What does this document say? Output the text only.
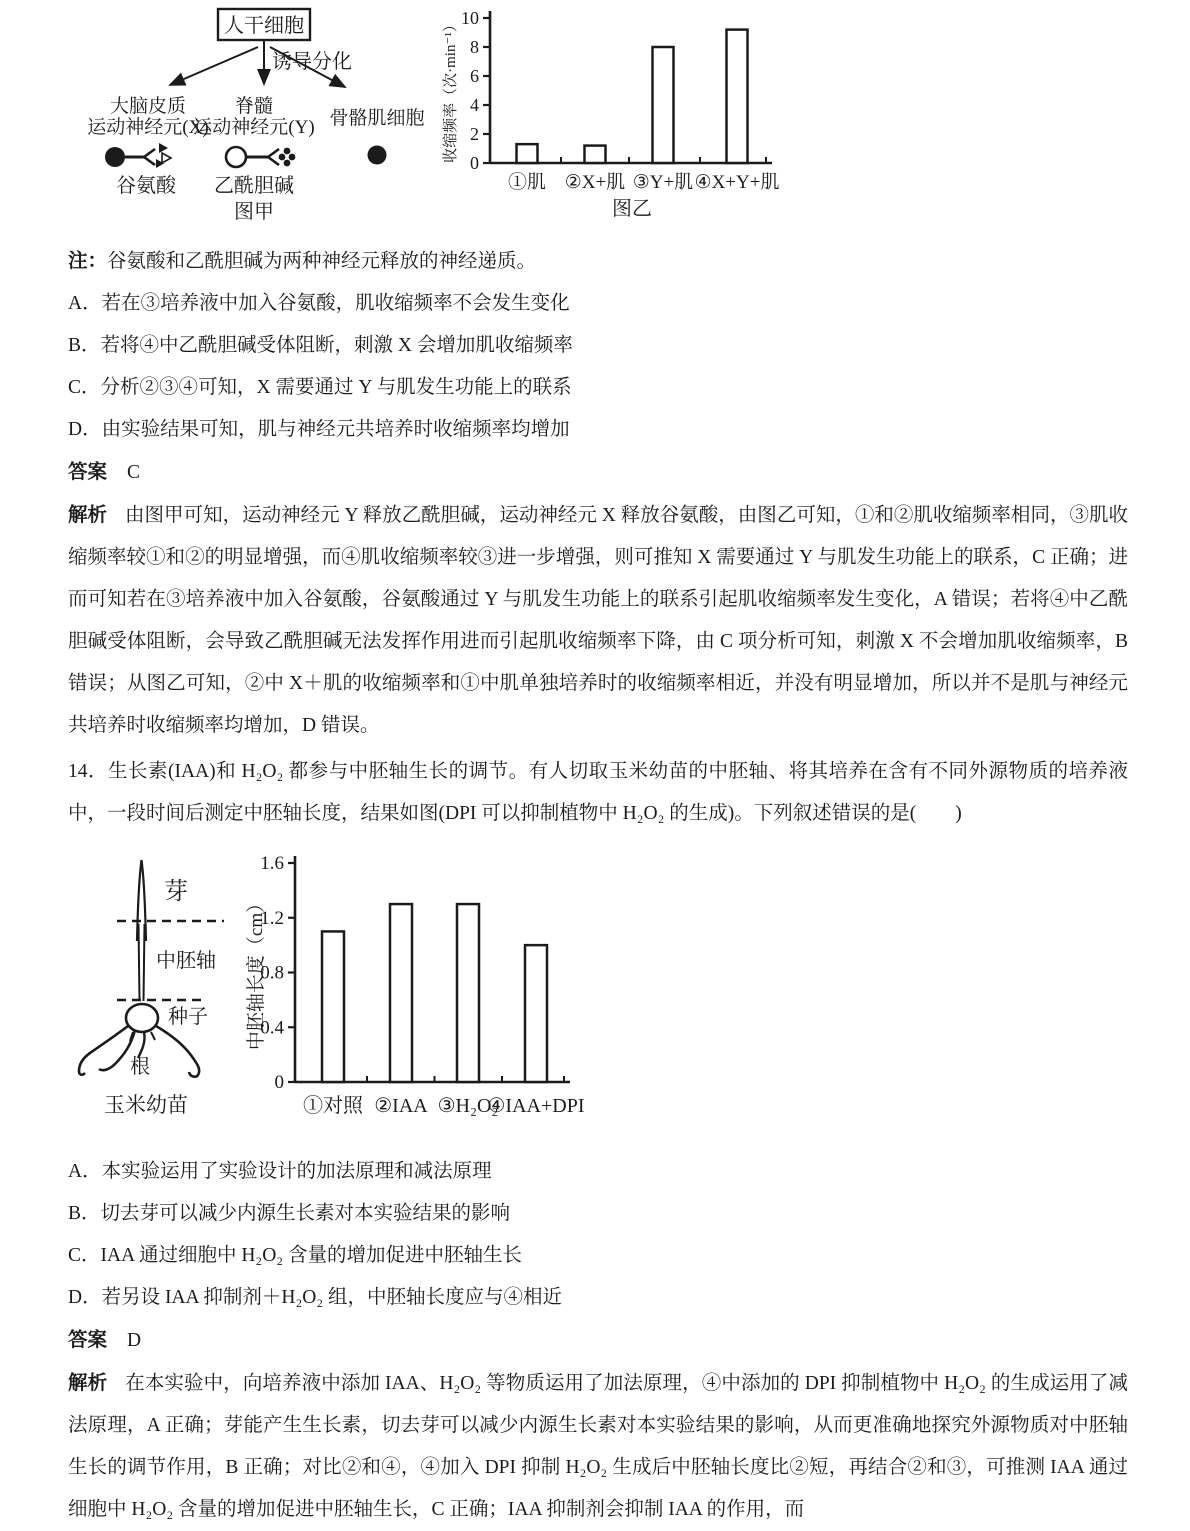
人干细胞
诱导分化
大脑皮质
运动神经元(X)
脊髓
运动神经元(Y) 骨骼肌细胞
谷氨酸 乙酰胆碱
图甲
0
2
4
6
8
10
①肌 ②X+肌 ③Y+肌 ④X+Y+肌
收缩频率（次·min⁻¹）
图乙
注：谷氨酸和乙酰胆碱为两种神经元释放的神经递质。
A．若在③培养液中加入谷氨酸，肌收缩频率不会发生变化
B．若将④中乙酰胆碱受体阻断，刺激 X 会增加肌收缩频率
C．分析②③④可知，X 需要通过 Y 与肌发生功能上的联系
D．由实验结果可知，肌与神经元共培养时收缩频率均增加
答案 C
解析 由图甲可知，运动神经元 Y 释放乙酰胆碱，运动神经元 X 释放谷氨酸，由图乙可知，①和②肌收缩频率相同，③肌收缩频率较①和②的明显增强，而④肌收缩频率较③进一步增强，则可推知 X 需要通过 Y 与肌发生功能上的联系，C 正确；进而可知若在③培养液中加入谷氨酸，谷氨酸通过 Y 与肌发生功能上的联系引起肌收缩频率发生变化，A 错误；若将④中乙酰胆碱受体阻断，会导致乙酰胆碱无法发挥作用进而引起肌收缩频率下降，由 C 项分析可知，刺激 X 不会增加肌收缩频率，B 错误；从图乙可知，②中 X＋肌的收缩频率和①中肌单独培养时的收缩频率相近，并没有明显增加，所以并不是肌与神经元共培养时收缩频率均增加，D 错误。
14．生长素(IAA)和 H₂O₂ 都参与中胚轴生长的调节。有人切取玉米幼苗的中胚轴、将其培养在含有不同外源物质的培养液中，一段时间后测定中胚轴长度，结果如图(DPI 可以抑制植物中 H₂O₂ 的生成)。下列叙述错误的是(　　)
芽
中胚轴
种子
根
玉米幼苗
0
0.4
0.8
1.2
1.6
①对照 ②IAA ③H₂O₂
④IAA+DPI
中胚轴长度（cm）
A．本实验运用了实验设计的加法原理和减法原理
B．切去芽可以减少内源生长素对本实验结果的影响
C．IAA 通过细胞中 H₂O₂ 含量的增加促进中胚轴生长
D．若另设 IAA 抑制剂＋H₂O₂ 组，中胚轴长度应与④相近
答案 D
解析 在本实验中，向培养液中添加 IAA、H₂O₂ 等物质运用了加法原理，④中添加的 DPI 抑制植物中 H₂O₂ 的生成运用了减法原理，A 正确；芽能产生生长素，切去芽可以减少内源生长素对本实验结果的影响，从而更准确地探究外源物质对中胚轴生长的调节作用，B 正确；对比②和④，④加入 DPI 抑制 H₂O₂ 生成后中胚轴长度比②短，再结合②和③，可推测 IAA 通过细胞中 H₂O₂ 含量的增加促进中胚轴生长，C 正确；IAA 抑制剂会抑制 IAA 的作用，而
